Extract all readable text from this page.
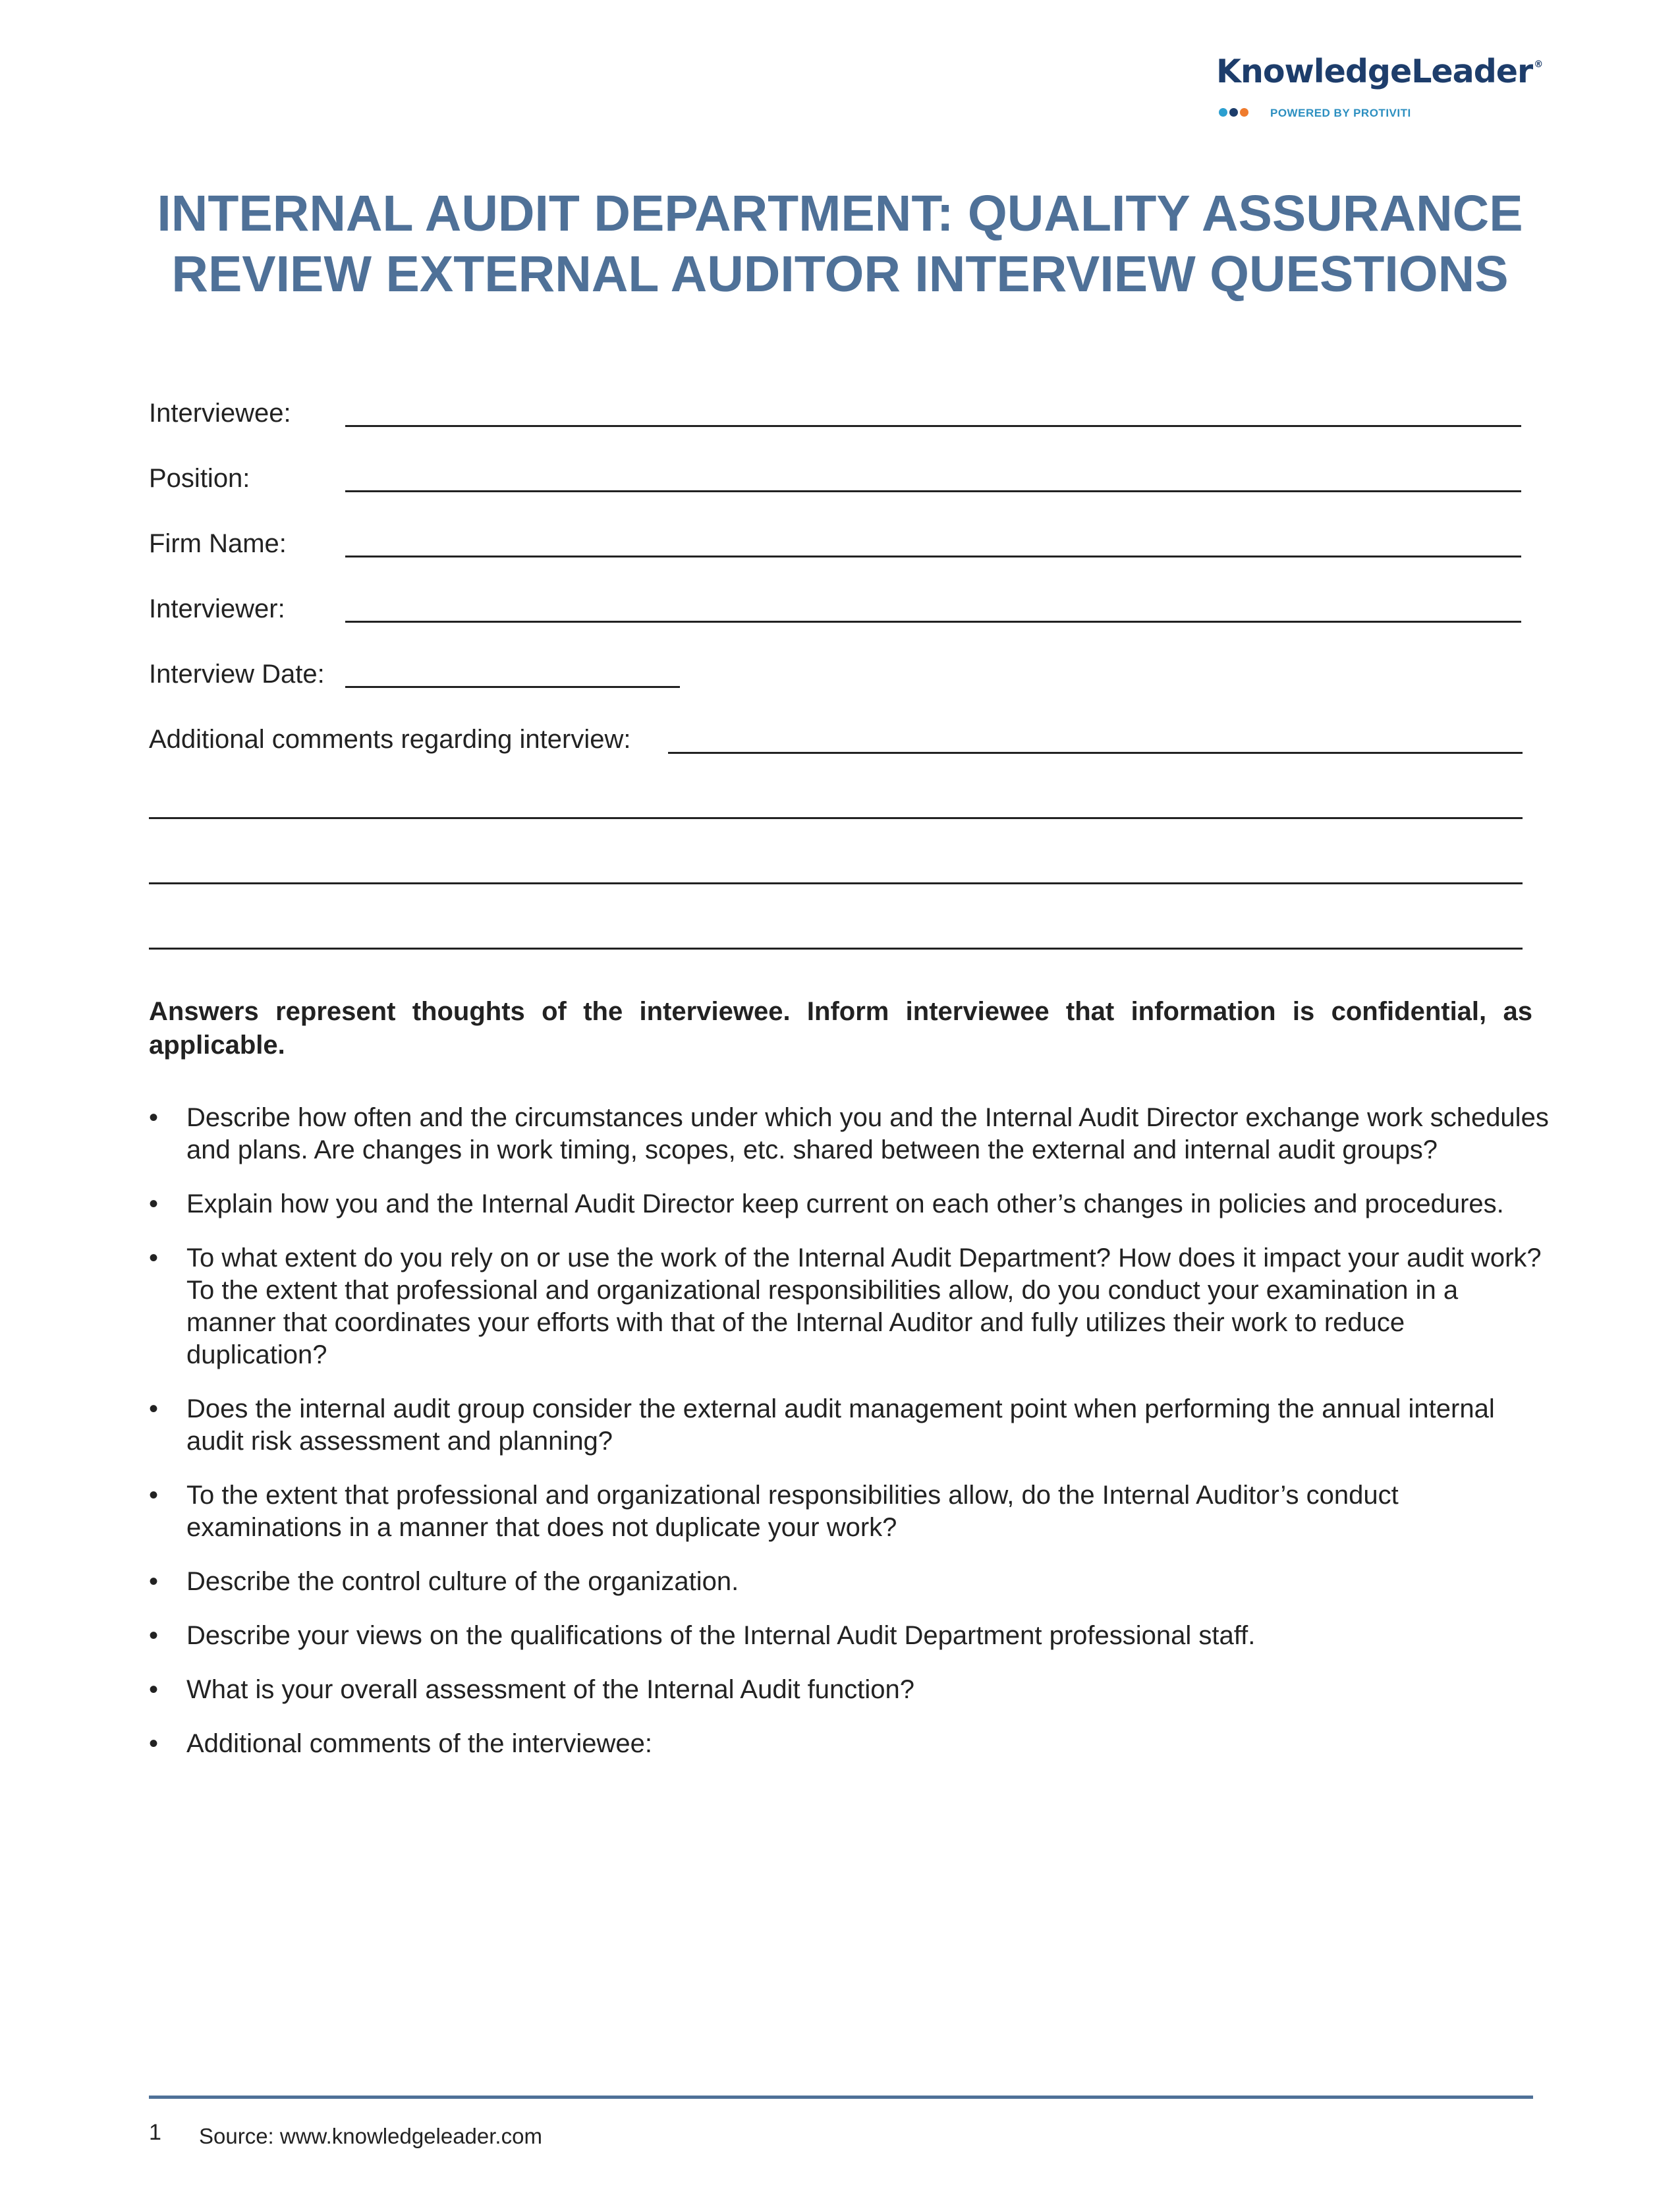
KnowledgeLeader ®
POWERED BY PROTIVITI
INTERNAL AUDIT DEPARTMENT: QUALITY ASSURANCE
REVIEW EXTERNAL AUDITOR INTERVIEW QUESTIONS
Interviewee:
Position:
Firm Name:
Interviewer:
Interview Date:
Additional comments regarding interview:

Answers represent thoughts of the interviewee. Inform interviewee that information is confidential, as applicable.

• Describe how often and the circumstances under which you and the Internal Audit Director exchange work schedules and plans. Are changes in work timing, scopes, etc. shared between the external and internal audit groups?
• Explain how you and the Internal Audit Director keep current on each other’s changes in policies and procedures.
• To what extent do you rely on or use the work of the Internal Audit Department? How does it impact your audit work? To the extent that professional and organizational responsibilities allow, do you conduct your examination in a manner that coordinates your efforts with that of the Internal Auditor and fully utilizes their work to reduce duplication?
• Does the internal audit group consider the external audit management point when performing the annual internal audit risk assessment and planning?
• To the extent that professional and organizational responsibilities allow, do the Internal Auditor’s conduct examinations in a manner that does not duplicate your work?
• Describe the control culture of the organization.
• Describe your views on the qualifications of the Internal Audit Department professional staff.
• What is your overall assessment of the Internal Audit function?
• Additional comments of the interviewee:
1 Source: www.knowledgeleader.com
